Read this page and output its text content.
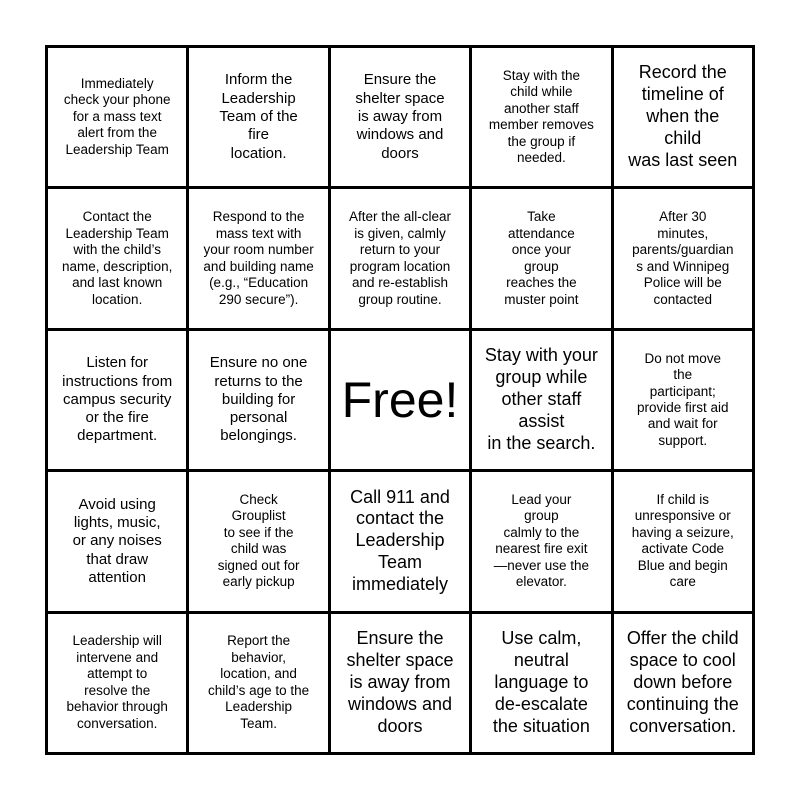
Immediately
check your phone
for a mass text
alert from the
Leadership Team
Inform the
Leadership
Team of the
fire
location.
Ensure the
shelter space
is away from
windows and
doors
Stay with the
child while
another staff
member removes
the group if
needed.
Record the
timeline of
when the
child
was last seen
Contact the
Leadership Team
with the child’s
name, description,
and last known
location.
Respond to the
mass text with
your room number
and building name
(e.g., “Education
290 secure”).
After the all-clear
is given, calmly
return to your
program location
and re-establish
group routine.
Take
attendance
once your
group
reaches the
muster point
After 30
minutes,
parents/guardian
s and Winnipeg
Police will be
contacted
Listen for
instructions from
campus security
or the fire
department.
Ensure no one
returns to the
building for
personal
belongings.
Free!
Stay with your
group while
other staff
assist
in the search.
Do not move
the
participant;
provide first aid
and wait for
support.
Avoid using
lights, music,
or any noises
that draw
attention
Check
Grouplist
to see if the
child was
signed out for
early pickup
Call 911 and
contact the
Leadership
Team
immediately
Lead your
group
calmly to the
nearest fire exit
—never use the
elevator.
If child is
unresponsive or
having a seizure,
activate Code
Blue and begin
care
Leadership will
intervene and
attempt to
resolve the
behavior through
conversation.
Report the
behavior,
location, and
child’s age to the
Leadership
Team.
Ensure the
shelter space
is away from
windows and
doors
Use calm,
neutral
language to
de-escalate
the situation
Offer the child
space to cool
down before
continuing the
conversation.
